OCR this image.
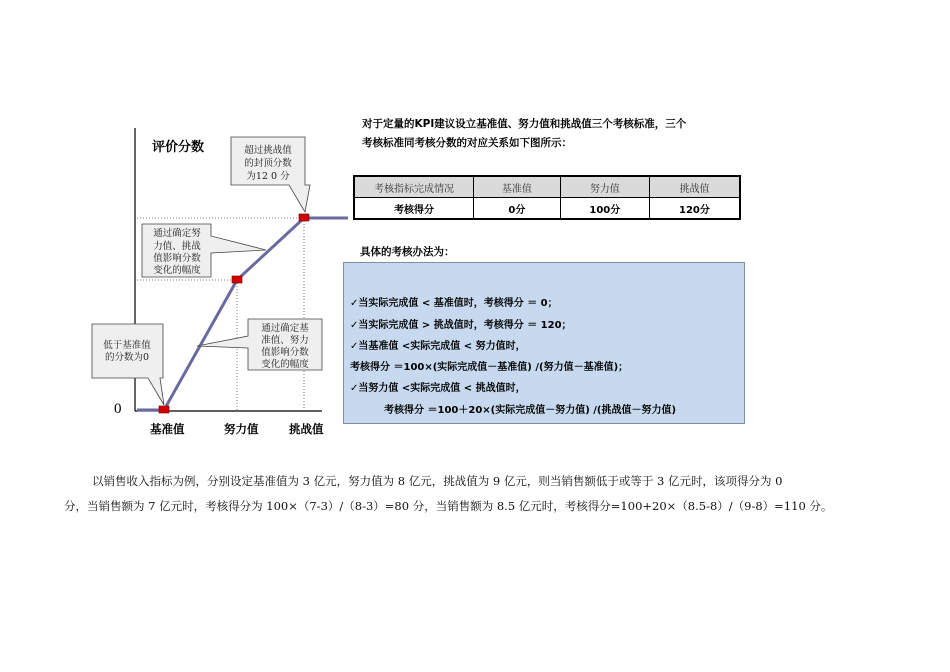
超过挑战值
的封顶分数
为12 0 分
通过确定努
力值、挑战
值影响分数
变化的幅度
通过确定基
准值、努力
值影响分数
变化的幅度
低于基准值
的分数为0
评价分数
0
基准值	努力值	挑战值
对于定量的KPI建议设立基准值、努力值和挑战值三个考核标准，三个
考核标准同考核分数的对应关系如下图所示：
考核指标完成情况	基准值	努力值	挑战值
考核得分	0分	100分	120分
具体的考核办法为：
✓当实际完成值 < 基准值时，考核得分 ＝ 0；
✓当实际完成值 > 挑战值时，考核得分 ＝ 120；
✓当基准值 <实际完成值 < 努力值时，
考核得分 ＝100×(实际完成值－基准值) /(努力值－基准值)；
✓当努力值 <实际完成值 < 挑战值时，
考核得分 ＝100＋20×(实际完成值－努力值) /(挑战值－努力值)
以销售收入指标为例，分别设定基准值为 3 亿元，努力值为 8 亿元，挑战值为 9 亿元，则当销售额低于或等于 3 亿元时，该项得分为 0
分，当销售额为 7 亿元时，考核得分为 100×（7-3）/（8-3）=80 分，当销售额为 8.5 亿元时，考核得分=100+20×（8.5-8）/（9-8）=110 分。
